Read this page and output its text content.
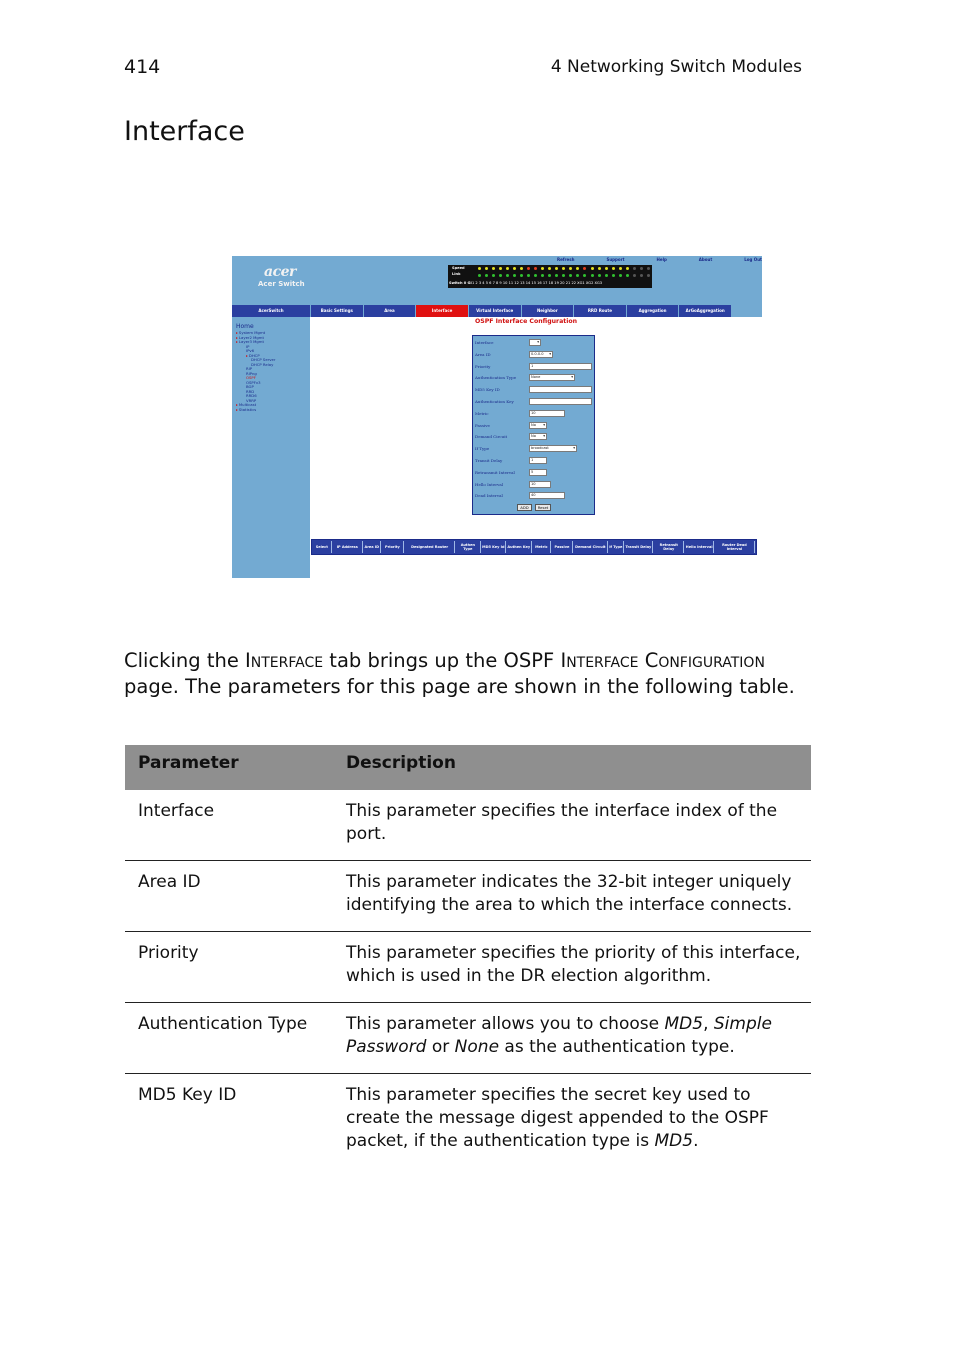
414	4 Networking Switch Modules
Interface
acer
Acer Switch
Refresh	Support	Help	About	Log Out
Speed
Link
Switch 0 Gi 1 2 3 4 5 6 7 8 9 10 11 12 13 14 15 16 17 18 19 20 21 22 XG1 XG2 XG3
AcerSwitch	Basic Settings	Area	Interface	Virtual Interface	Neighbor	RRD Route	Aggregation	ArGoAggregation
Home
▸ System Mgmt
▸ Layer2 Mgmt
▸ Layer3 Mgmt
IP
IPv6
▸ DHCP
DHCP Server
DHCP Relay
RIP
RIPng
OSPF
OSPFv3
BGP
RRD
RRD6
VRRP
▸ Multicast
▸ Statistics
OSPF Interface Configuration
Interface	▾
Area ID	0.0.0.0 ▾
Priority	1
Authentication Type	None	▾
MD5 Key ID
Authentication Key
Metric	10
Passive	No ▾
Demand Circuit	No ▾
If Type	broadcast	▾
Transit Delay	1
Retransmit Interval	5
Hello Interval	10
Dead Interval	40
ADD	Reset
Select	IP Address	Area ID	Priority	Designated Router	Authen Type	MD5 Key Id Authen Key	Metric	Passive	Demand Circuit	If Type Transit Delay	Retransit Delay	Hello Interval	Router Dead Interval

Clicking the Interface tab brings up the OSPF Interface Configuration page. The parameters for this page are shown in the following table.

Parameter	Description
Interface	This parameter specifies the interface index of the port.
Area ID	This parameter indicates the 32-bit integer uniquely identifying the area to which the interface connects.
Priority	This parameter specifies the priority of this interface, which is used in the DR election algorithm.
Authentication Type	This parameter allows you to choose MD5, Simple Password or None as the authentication type.
MD5 Key ID	This parameter specifies the secret key used to create the message digest appended to the OSPF packet, if the authentication type is MD5.
